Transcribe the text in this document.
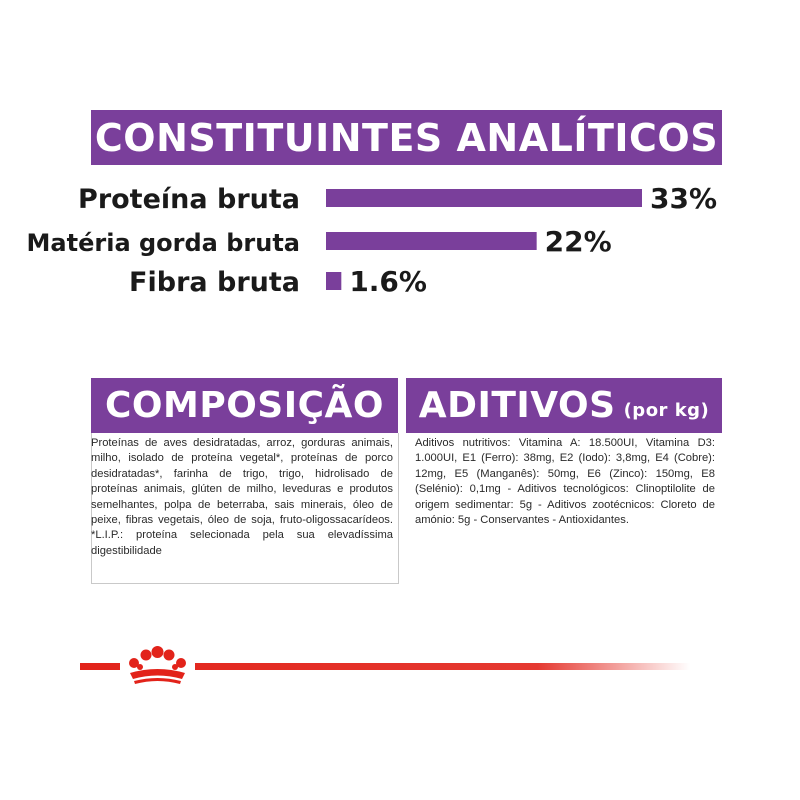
CONSTITUINTES ANALÍTICOS
Proteína bruta	33%
Matéria gorda bruta	22%
Fibra bruta 1.6%
COMPOSIÇÃO
Proteínas de aves desidratadas, arroz, gorduras animais, milho, isolado de proteína vegetal*, proteínas de porco desidratadas*, farinha de trigo, trigo, hidrolisado de proteínas animais, glúten de milho, leveduras e produtos semelhantes, polpa de beterraba, sais minerais, óleo de peixe, fibras vegetais, óleo de soja, fruto-oligossacarídeos. *L.I.P.: proteína selecionada pela sua elevadíssima digestibilidade
ADITIVOS (por kg)
Aditivos nutritivos: Vitamina A: 18.500UI, Vitamina D3: 1.000UI, E1 (Ferro): 38mg, E2 (Iodo): 3,8mg, E4 (Cobre): 12mg, E5 (Manganês): 50mg, E6 (Zinco): 150mg, E8 (Selénio): 0,1mg - Aditivos tecnológicos: Clinoptilolite de origem sedimentar: 5g - Aditivos zootécnicos: Cloreto de amónio: 5g - Conservantes - Antioxidantes.
